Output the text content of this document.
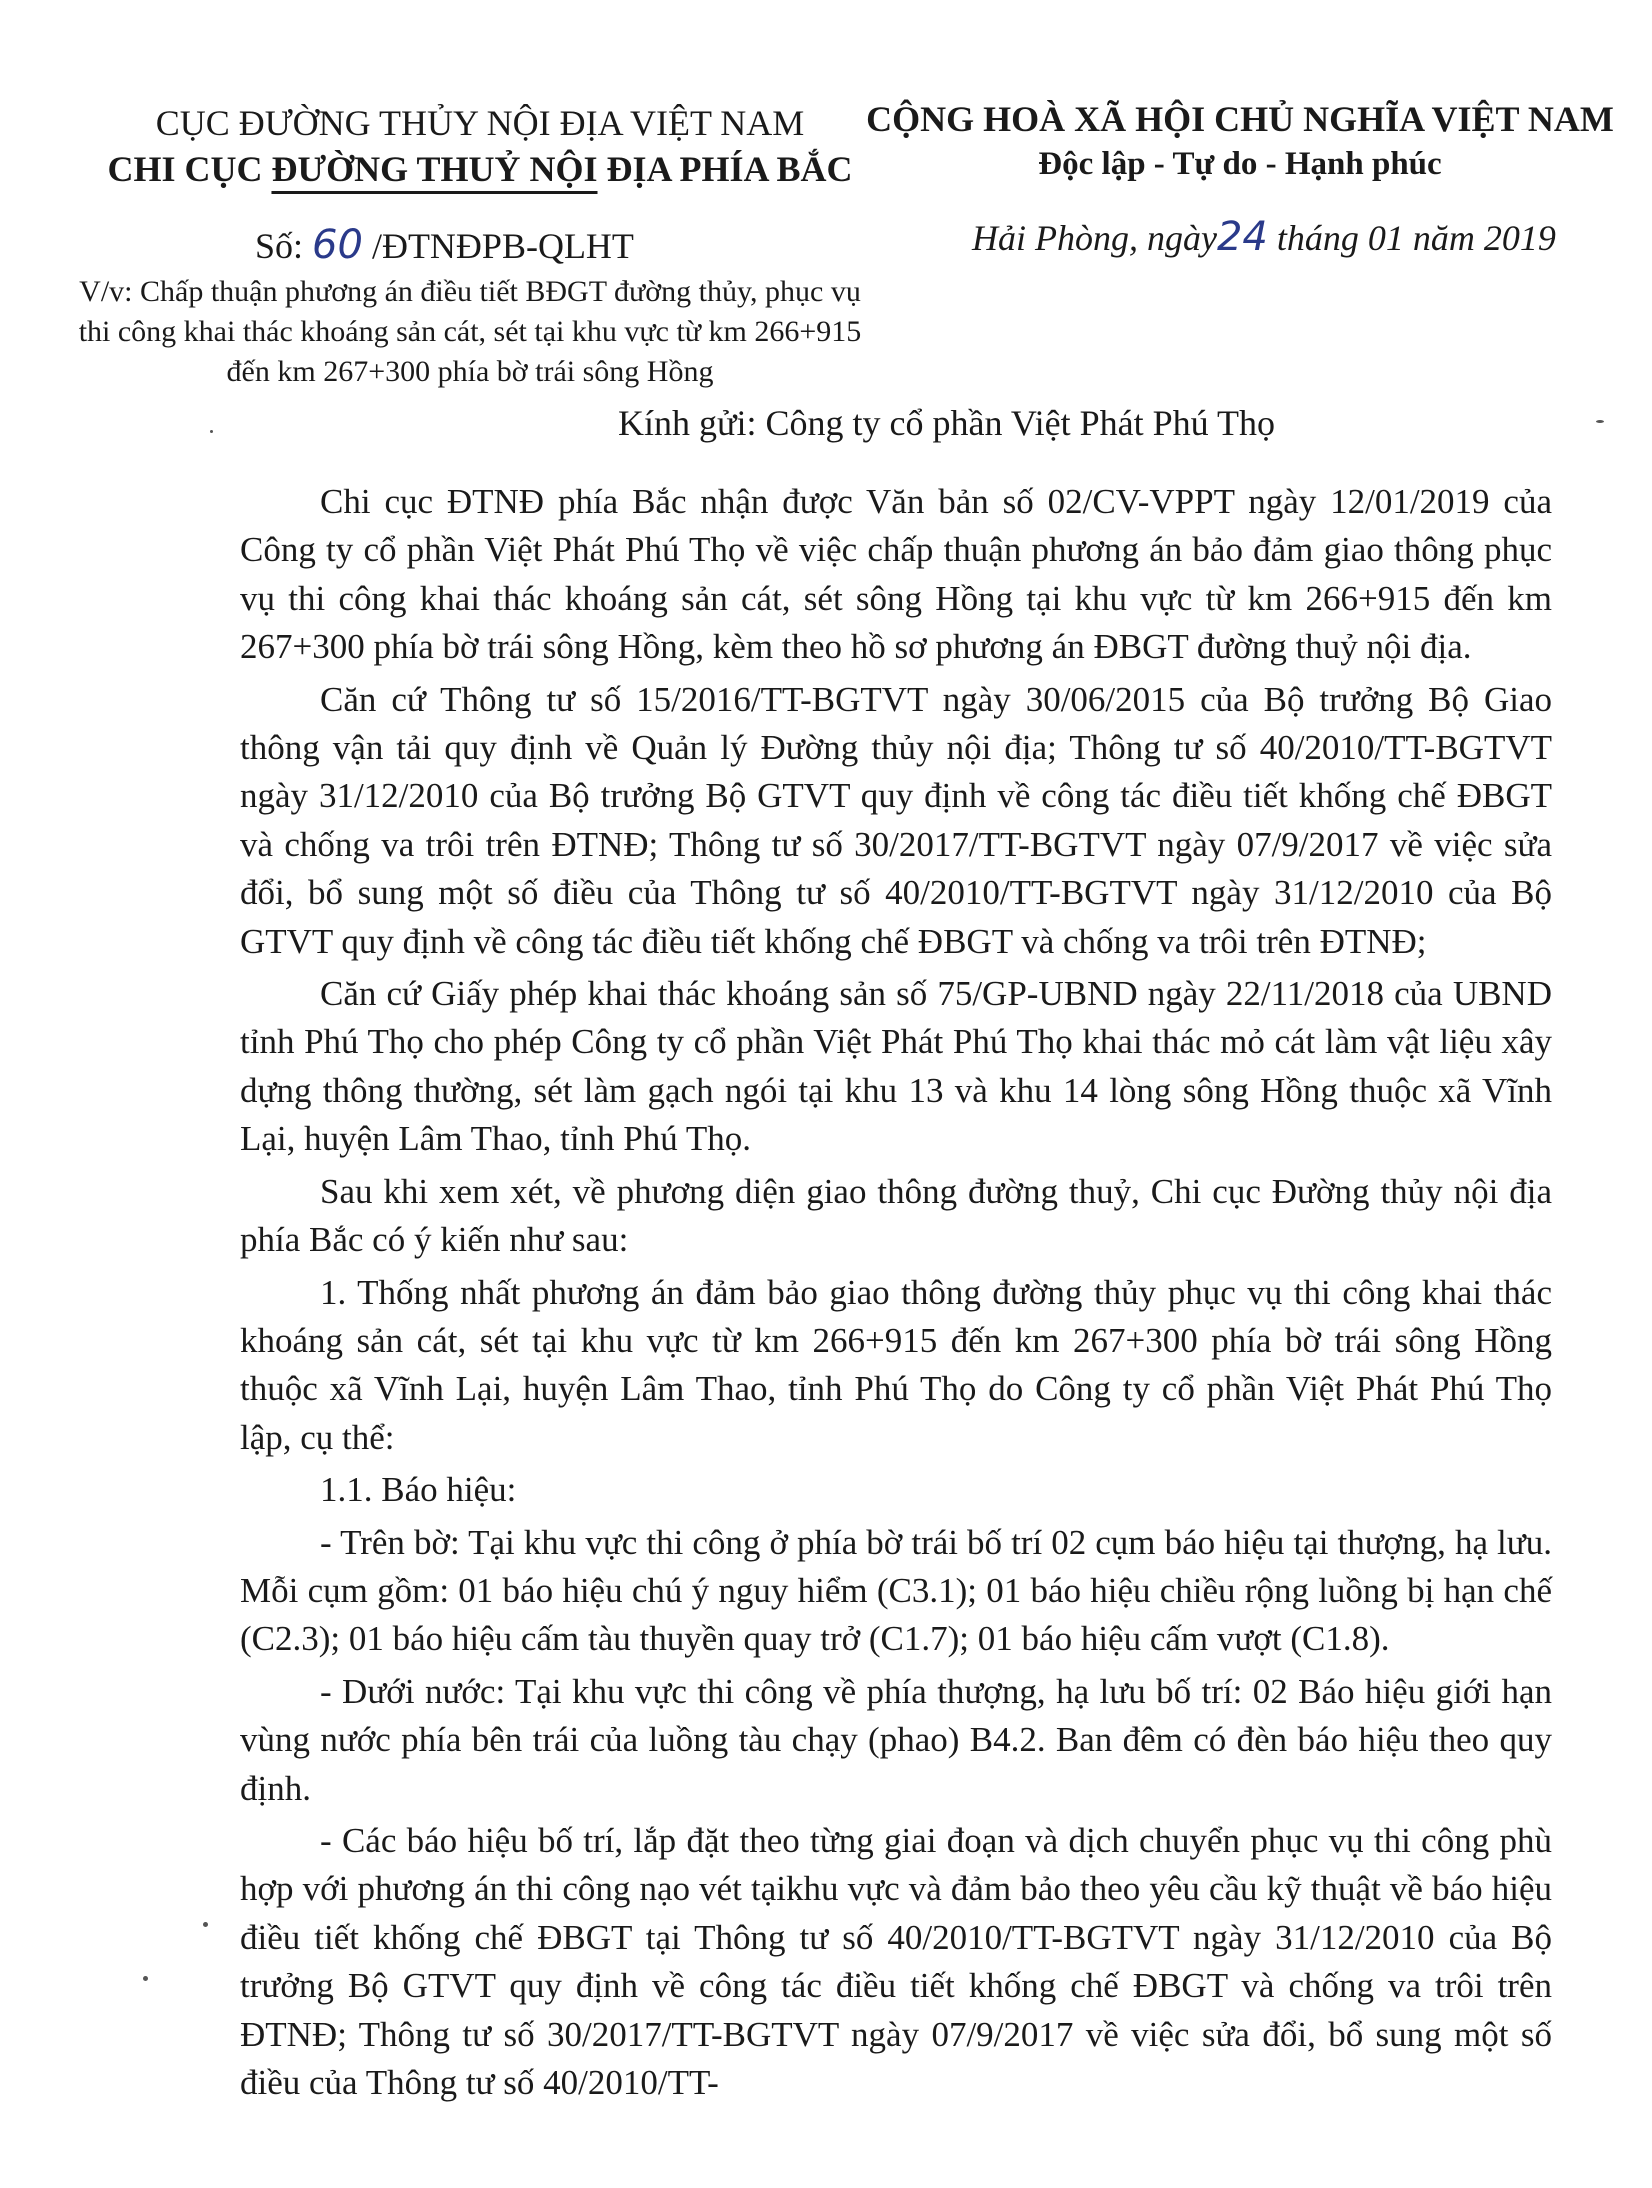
CỤC ĐƯỜNG THỦY NỘI ĐỊA VIỆT NAM
CHI CỤC ĐƯỜNG THUỶ NỘI ĐỊA PHÍA BẮC
CỘNG HOÀ XÃ HỘI CHỦ NGHĨA VIỆT NAM
Độc lập - Tự do - Hạnh phúc
Số: 60 /ĐTNĐPB-QLHT	Hải Phòng, ngày24 tháng 01 năm 2019
V/v: Chấp thuận phương án điều tiết BĐGT đường thủy, phục vụ thi công khai thác khoáng sản cát, sét tại khu vực từ km 266+915 đến km 267+300 phía bờ trái sông Hồng
Kính gửi: Công ty cổ phần Việt Phát Phú Thọ

Chi cục ĐTNĐ phía Bắc nhận được Văn bản số 02/CV-VPPT ngày 12/01/2019 của Công ty cổ phần Việt Phát Phú Thọ về việc chấp thuận phương án bảo đảm giao thông phục vụ thi công khai thác khoáng sản cát, sét sông Hồng tại khu vực từ km 266+915 đến km 267+300 phía bờ trái sông Hồng, kèm theo hồ sơ phương án ĐBGT đường thuỷ nội địa.

Căn cứ Thông tư số 15/2016/TT-BGTVT ngày 30/06/2015 của Bộ trưởng Bộ Giao thông vận tải quy định về Quản lý Đường thủy nội địa; Thông tư số 40/2010/TT-BGTVT ngày 31/12/2010 của Bộ trưởng Bộ GTVT quy định về công tác điều tiết khống chế ĐBGT và chống va trôi trên ĐTNĐ; Thông tư số 30/2017/TT-BGTVT ngày 07/9/2017 về việc sửa đổi, bổ sung một số điều của Thông tư số 40/2010/TT-BGTVT ngày 31/12/2010 của Bộ GTVT quy định về công tác điều tiết khống chế ĐBGT và chống va trôi trên ĐTNĐ;

Căn cứ Giấy phép khai thác khoáng sản số 75/GP-UBND ngày 22/11/2018 của UBND tỉnh Phú Thọ cho phép Công ty cổ phần Việt Phát Phú Thọ khai thác mỏ cát làm vật liệu xây dựng thông thường, sét làm gạch ngói tại khu 13 và khu 14 lòng sông Hồng thuộc xã Vĩnh Lại, huyện Lâm Thao, tỉnh Phú Thọ.

Sau khi xem xét, về phương diện giao thông đường thuỷ, Chi cục Đường thủy nội địa phía Bắc có ý kiến như sau:

1. Thống nhất phương án đảm bảo giao thông đường thủy phục vụ thi công khai thác khoáng sản cát, sét tại khu vực từ km 266+915 đến km 267+300 phía bờ trái sông Hồng thuộc xã Vĩnh Lại, huyện Lâm Thao, tỉnh Phú Thọ do Công ty cổ phần Việt Phát Phú Thọ lập, cụ thể:

1.1. Báo hiệu:

- Trên bờ: Tại khu vực thi công ở phía bờ trái bố trí 02 cụm báo hiệu tại thượng, hạ lưu. Mỗi cụm gồm: 01 báo hiệu chú ý nguy hiểm (C3.1); 01 báo hiệu chiều rộng luồng bị hạn chế (C2.3); 01 báo hiệu cấm tàu thuyền quay trở (C1.7); 01 báo hiệu cấm vượt (C1.8).

- Dưới nước: Tại khu vực thi công về phía thượng, hạ lưu bố trí: 02 Báo hiệu giới hạn vùng nước phía bên trái của luồng tàu chạy (phao) B4.2. Ban đêm có đèn báo hiệu theo quy định.

- Các báo hiệu bố trí, lắp đặt theo từng giai đoạn và dịch chuyển phục vụ thi công phù hợp với phương án thi công nạo vét tạikhu vực và đảm bảo theo yêu cầu kỹ thuật về báo hiệu điều tiết khống chế ĐBGT tại Thông tư số 40/2010/TT-BGTVT ngày 31/12/2010 của Bộ trưởng Bộ GTVT quy định về công tác điều tiết khống chế ĐBGT và chống va trôi trên ĐTNĐ; Thông tư số 30/2017/TT-BGTVT ngày 07/9/2017 về việc sửa đổi, bổ sung một số điều của Thông tư số 40/2010/TT-
